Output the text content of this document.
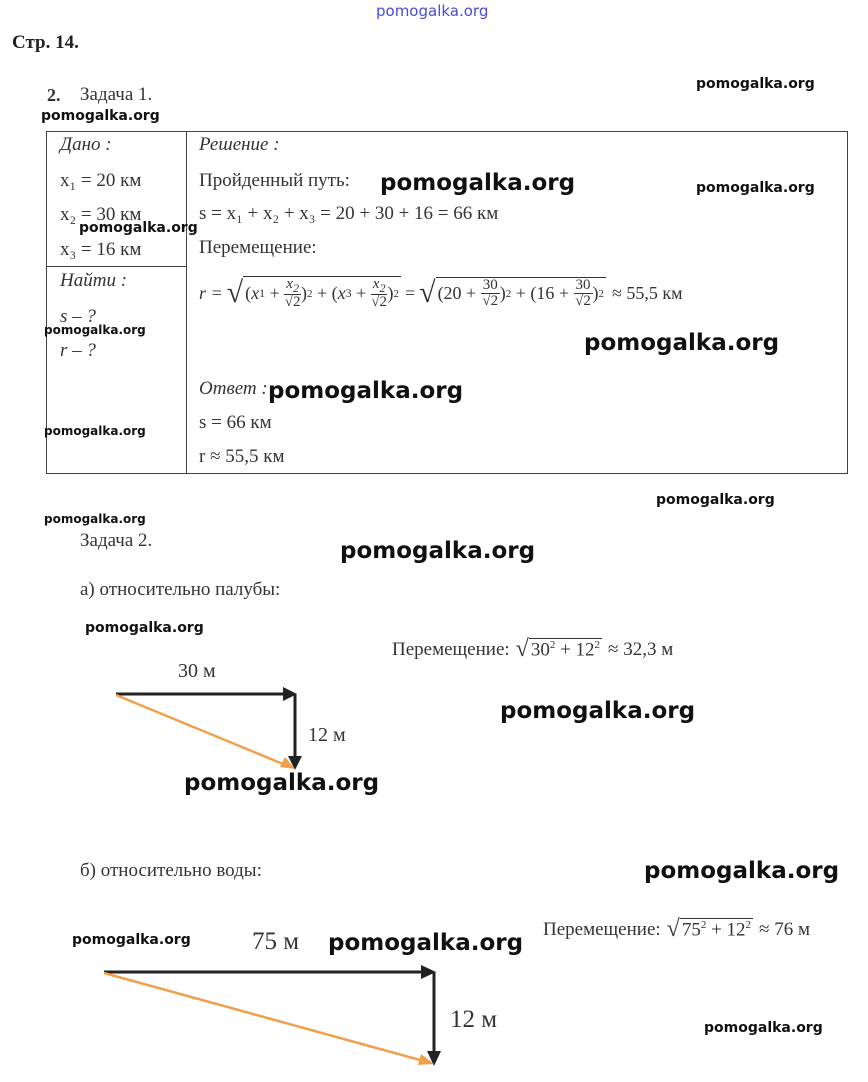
pomogalka.org
Стр. 14.
2. Задача 1.

Дано :
x₁ = 20 км
x₂ = 30 км
x₃ = 16 км
Найти :
s – ?
r – ?
Решение :
Пройденный путь:
s = x₁ + x₂ + x₃ = 20 + 30 + 16 = 66 км
Перемещение:
r = √ ( x $1 + \frac{x_2}{√2}$ ) 2 + ( x $3 + \frac{x_2}{√2}$ ) 2 = √ ($20 + \frac{30}{√2}$ ) $2 + (16 + \frac{30}{√2}$ ) 2 ≈ 55,5 км
Ответ :
s = 66 км
r ≈ 55,5 км
Задача 2.
а) относительно палубы:
30 м
12 м
Перемещение: √ $30^2 + 12^2 \approx 32,3$ м
б) относительно воды:
75 м
12 м
Перемещение: √ $75^2 + 12^2 \approx 76$ м
pomogalka.org
pomogalka.org
pomogalka.org	pomogalka.org
pomogalka.org
pomogalka.org	pomogalka.org
pomogalka.org
pomogalka.org
pomogalka.org
pomogalka.org
pomogalka.org
pomogalka.org
pomogalka.org
pomogalka.org
pomogalka.org
pomogalka.org	pomogalka.org
pomogalka.org
